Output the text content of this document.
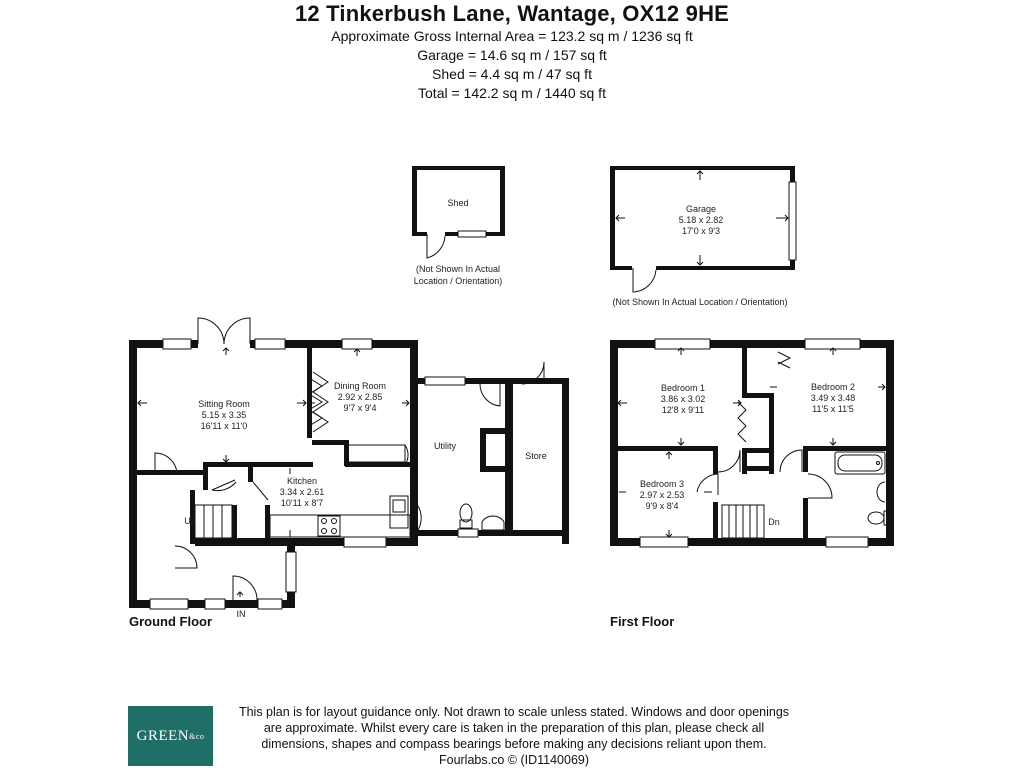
12 Tinkerbush Lane, Wantage, OX12 9HE
Approximate Gross Internal Area = 123.2 sq m / 1236 sq ft
Garage = 14.6 sq m / 157 sq ft
Shed = 4.4 sq m / 47 sq ft
Total = 142.2 sq m / 1440 sq ft
Shed
(Not Shown In Actual
Location / Orientation)
Garage
5.18 x 2.82
17'0 x 9'3
(Not Shown In Actual Location / Orientation)
Sitting Room
5.15 x 3.35
16'11 x 11'0
Dining Room
2.92 x 2.85
9'7 x 9'4
Kitchen
3.34 x 2.61
10'11 x 8'7
Utility
Store
Up
IN
Bedroom 1
3.86 x 3.02
12'8 x 9'11
Bedroom 2
3.49 x 3.48
11'5 x 11'5
Bedroom 3
2.97 x 2.53
9'9 x 8'4
Dn
Ground Floor	First Floor
GREEN &co
This plan is for layout guidance only. Not drawn to scale unless stated. Windows and door openings
are approximate. Whilst every care is taken in the preparation of this plan, please check all
dimensions, shapes and compass bearings before making any decisions reliant upon them.
Fourlabs.co © (ID1140069)
